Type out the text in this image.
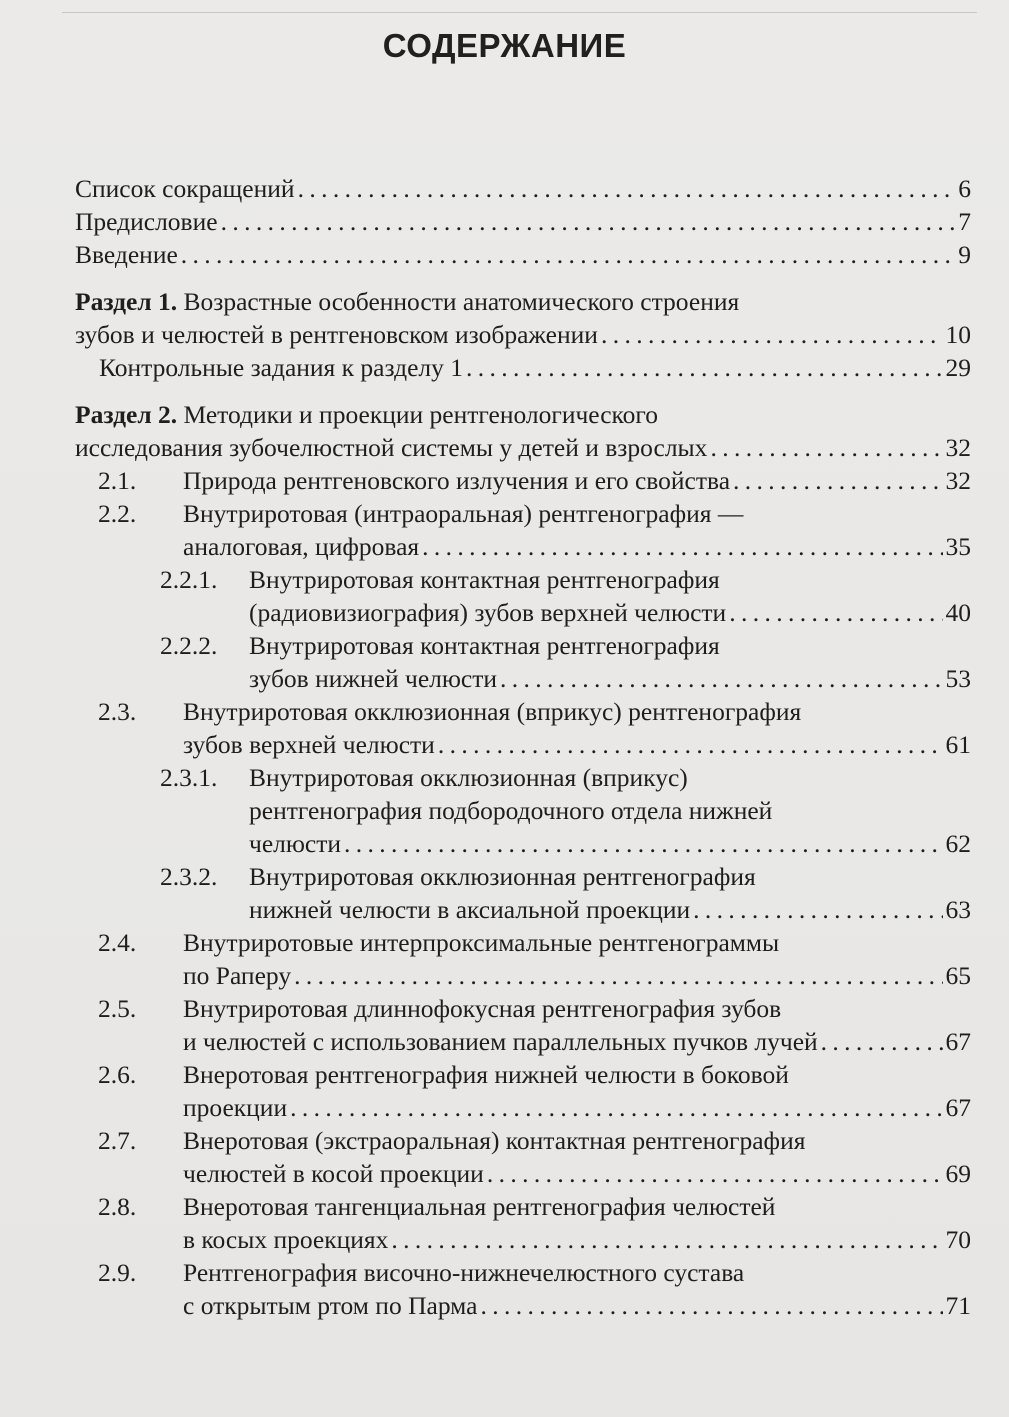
СОДЕРЖАНИЕ
Список сокращений . . .	6
Предисловие . . .	7
Введение . . .	9
Раздел 1. Возрастные особенности анатомического строения
зубов и челюстей в рентгеновском изображении . . .	10
Контрольные задания к разделу 1 . . .	29
Раздел 2. Методики и проекции рентгенологического
исследования зубочелюстной системы у детей и взрослых . . .	32
2.1.	Природа рентгеновского излучения и его свойства . . .	32
2.2. Внутриротовая (интраоральная) рентгенография —
аналоговая, цифровая . . .	35
2.2.1. Внутриротовая контактная рентгенография
(радиовизиография) зубов верхней челюсти . . .	40
2.2.2. Внутриротовая контактная рентгенография
зубов нижней челюсти . . .	53
2.3. Внутриротовая окклюзионная (вприкус) рентгенография
зубов верхней челюсти . . .	61
2.3.1. Внутриротовая окклюзионная (вприкус)
рентгенография подбородочного отдела нижней
челюсти . . .	62
2.3.2. Внутриротовая окклюзионная рентгенография
нижней челюсти в аксиальной проекции . . .	63
2.4. Внутриротовые интерпроксимальные рентгенограммы
по Раперу . . .	65
2.5. Внутриротовая длиннофокусная рентгенография зубов
и челюстей с использованием параллельных пучков лучей . . .	67
2.6. Внеротовая рентгенография нижней челюсти в боковой
проекции . . .	67
2.7. Внеротовая (экстраоральная) контактная рентгенография
челюстей в косой проекции . . .	69
2.8. Внеротовая тангенциальная рентгенография челюстей
в косых проекциях . . .	70
2.9. Рентгенография височно-нижнечелюстного сустава
с открытым ртом по Парма . . .	71
